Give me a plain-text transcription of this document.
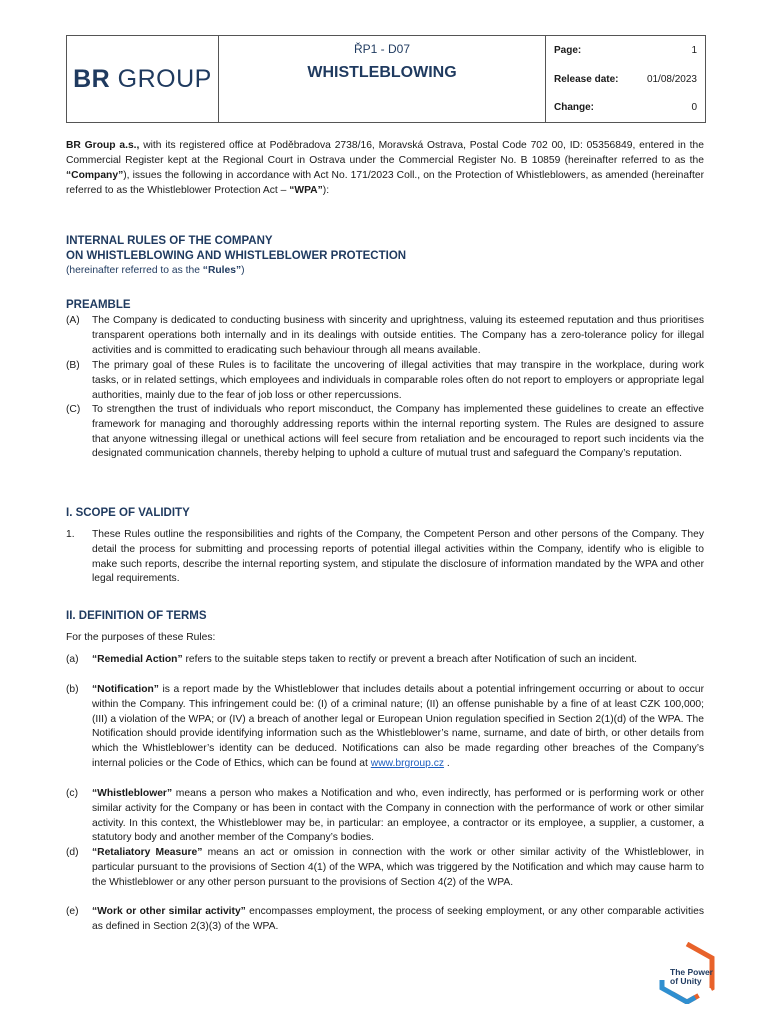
BR GROUP
ŘP1 - D07
WHISTLEBLOWING
Page:	1
Release date:	01/08/2023
Change:	0
BR Group a.s., with its registered office at Poděbradova 2738/16, Moravská Ostrava, Postal Code 702 00, ID: 05356849, entered in the Commercial Register kept at the Regional Court in Ostrava under the Commercial Register No. B 10859 (hereinafter referred to as the “Company”), issues the following in accordance with Act No. 171/2023 Coll., on the Protection of Whistleblowers, as amended (hereinafter referred to as the Whistleblower Protection Act – “WPA”):
INTERNAL RULES OF THE COMPANY
ON WHISTLEBLOWING AND WHISTLEBLOWER PROTECTION
(hereinafter referred to as the “Rules”)
PREAMBLE
(A)	The Company is dedicated to conducting business with sincerity and uprightness, valuing its esteemed reputation and thus prioritises transparent operations both internally and in its dealings with outside entities. The Company has a zero-tolerance policy for illegal activities and is committed to eradicating such behaviour through all means available.
(B)	The primary goal of these Rules is to facilitate the uncovering of illegal activities that may transpire in the workplace, during work tasks, or in related settings, which employees and individuals in comparable roles often do not report to employers or appropriate legal authorities, mainly due to the fear of job loss or other repercussions.
(C)	To strengthen the trust of individuals who report misconduct, the Company has implemented these guidelines to create an effective framework for managing and thoroughly addressing reports within the internal reporting system. The Rules are designed to assure that anyone witnessing illegal or unethical actions will feel secure from retaliation and be encouraged to report such incidents via the designated communication channels, thereby helping to uphold a culture of mutual trust and safeguard the Company’s reputation.
I. SCOPE OF VALIDITY
1.	These Rules outline the responsibilities and rights of the Company, the Competent Person and other persons of the Company. They detail the process for submitting and processing reports of potential illegal activities within the Company, identify who is eligible to make such reports, describe the internal reporting system, and stipulate the disclosure of information mandated by the WPA and other legal requirements.
II. DEFINITION OF TERMS
For the purposes of these Rules:
(a)	“Remedial Action” refers to the suitable steps taken to rectify or prevent a breach after Notification of such an incident.
(b)	“Notification” is a report made by the Whistleblower that includes details about a potential infringement occurring or about to occur within the Company. This infringement could be: (I) of a criminal nature; (II) an offense punishable by a fine of at least CZK 100,000; (III) a violation of the WPA; or (IV) a breach of another legal or European Union regulation specified in Section 2(1)(d) of the WPA. The Notification should provide identifying information such as the Whistleblower’s name, surname, and date of birth, or other details from which the Whistleblower’s identity can be deduced. Notifications can also be made regarding other breaches of the Company’s internal policies or the Code of Ethics, which can be found at www.brgroup.cz .
(c)	“Whistleblower” means a person who makes a Notification and who, even indirectly, has performed or is performing work or other similar activity for the Company or has been in contact with the Company in connection with the performance of work or other similar activity. In this context, the Whistleblower may be, in particular: an employee, a contractor or its employee, a supplier, a customer, a statutory body and another member of the Company’s bodies.
(d)	“Retaliatory Measure” means an act or omission in connection with the work or other similar activity of the Whistleblower, in particular pursuant to the provisions of Section 4(1) of the WPA, which was triggered by the Notification and which may cause harm to the Whistleblower or any other person pursuant to the provisions of Section 4(2) of the WPA.
(e)	“Work or other similar activity” encompasses employment, the process of seeking employment, or any other comparable activities as defined in Section 2(3)(3) of the WPA.
The Power
of Unity
